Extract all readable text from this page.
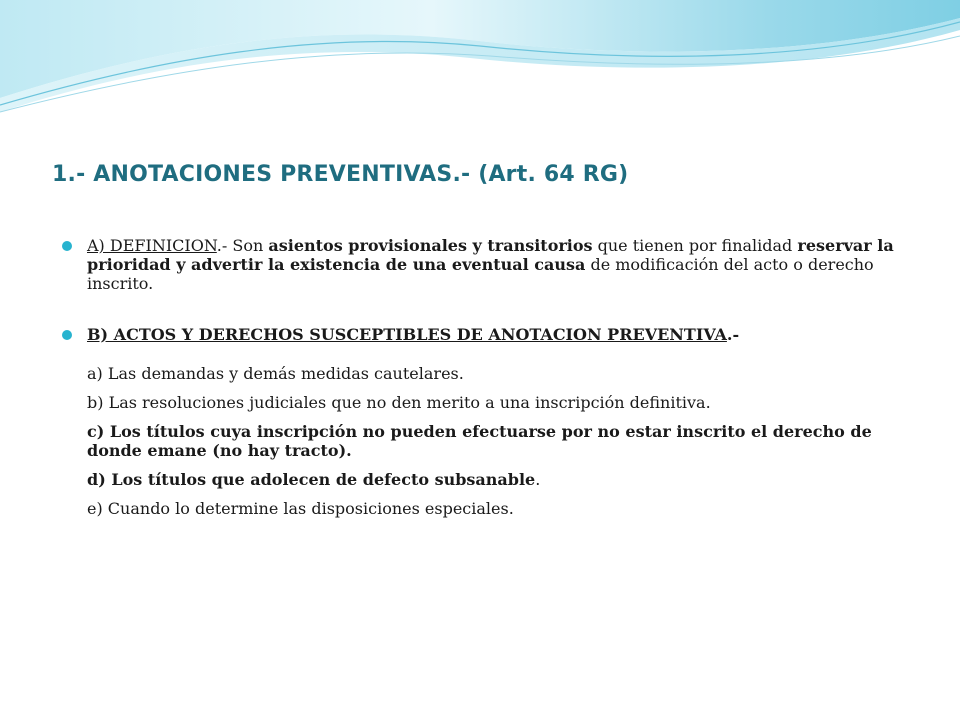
1.- ANOTACIONES PREVENTIVAS.- (Art. 64 RG)

A) DEFINICION.- Son asientos provisionales y transitorios que tienen por finalidad reservar la prioridad y advertir la existencia de una eventual causa de modificación del acto o derecho inscrito.

B) ACTOS Y DERECHOS SUSCEPTIBLES DE ANOTACION PREVENTIVA.-

a) Las demandas y demás medidas cautelares.

b) Las resoluciones judiciales que no den merito a una inscripción definitiva.

c) Los títulos cuya inscripción no pueden efectuarse por no estar inscrito el derecho de donde emane (no hay tracto).

d) Los títulos que adolecen de defecto subsanable.

e) Cuando lo determine las disposiciones especiales.
